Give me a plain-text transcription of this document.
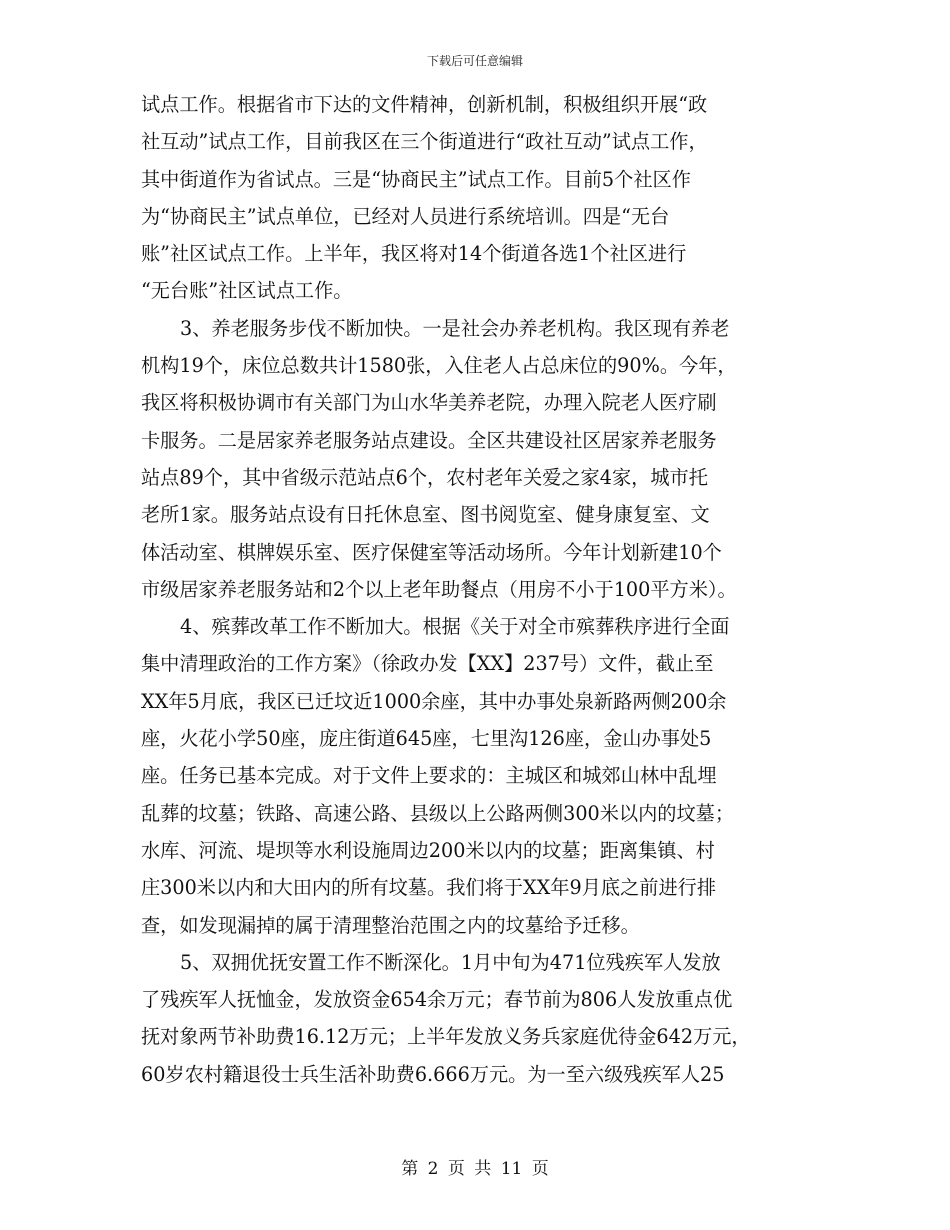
下载后可任意编辑

试点工作。根据省市下达的文件精神，创新机制，积极组织开展“政
社互动”试点工作，目前我区在三个街道进行“政社互动”试点工作，
其中街道作为省试点。三是“协商民主”试点工作。目前5个社区作
为“协商民主”试点单位，已经对人员进行系统培训。四是“无台
账”社区试点工作。上半年，我区将对14个街道各选1个社区进行
“无台账”社区试点工作。

3、养老服务步伐不断加快。一是社会办养老机构。我区现有养老
机构19个，床位总数共计1580张，入住老人占总床位的90%。今年，
我区将积极协调市有关部门为山水华美养老院，办理入院老人医疗刷
卡服务。二是居家养老服务站点建设。全区共建设社区居家养老服务
站点89个，其中省级示范站点6个，农村老年关爱之家4家，城市托
老所1家。服务站点设有日托休息室、图书阅览室、健身康复室、文
体活动室、棋牌娱乐室、医疗保健室等活动场所。今年计划新建10个
市级居家养老服务站和2个以上老年助餐点（用房不小于100平方米）。

4、殡葬改革工作不断加大。根据《关于对全市殡葬秩序进行全面
集中清理政治的工作方案》（徐政办发【XX】237号）文件，截止至
XX年5月底，我区已迁坟近1000余座，其中办事处泉新路两侧200余
座，火花小学50座，庞庄街道645座，七里沟126座，金山办事处5
座。任务已基本完成。对于文件上要求的：主城区和城郊山林中乱埋
乱葬的坟墓；铁路、高速公路、县级以上公路两侧300米以内的坟墓；
水库、河流、堤坝等水利设施周边200米以内的坟墓；距离集镇、村
庄300米以内和大田内的所有坟墓。我们将于XX年9月底之前进行排
查，如发现漏掉的属于清理整治范围之内的坟墓给予迁移。

5、双拥优抚安置工作不断深化。1月中旬为471位残疾军人发放
了残疾军人抚恤金，发放资金654余万元；春节前为806人发放重点优
抚对象两节补助费16.12万元；上半年发放义务兵家庭优待金642万元，
60岁农村籍退役士兵生活补助费6.666万元。为一至六级残疾军人25

第 2 页 共 11 页
